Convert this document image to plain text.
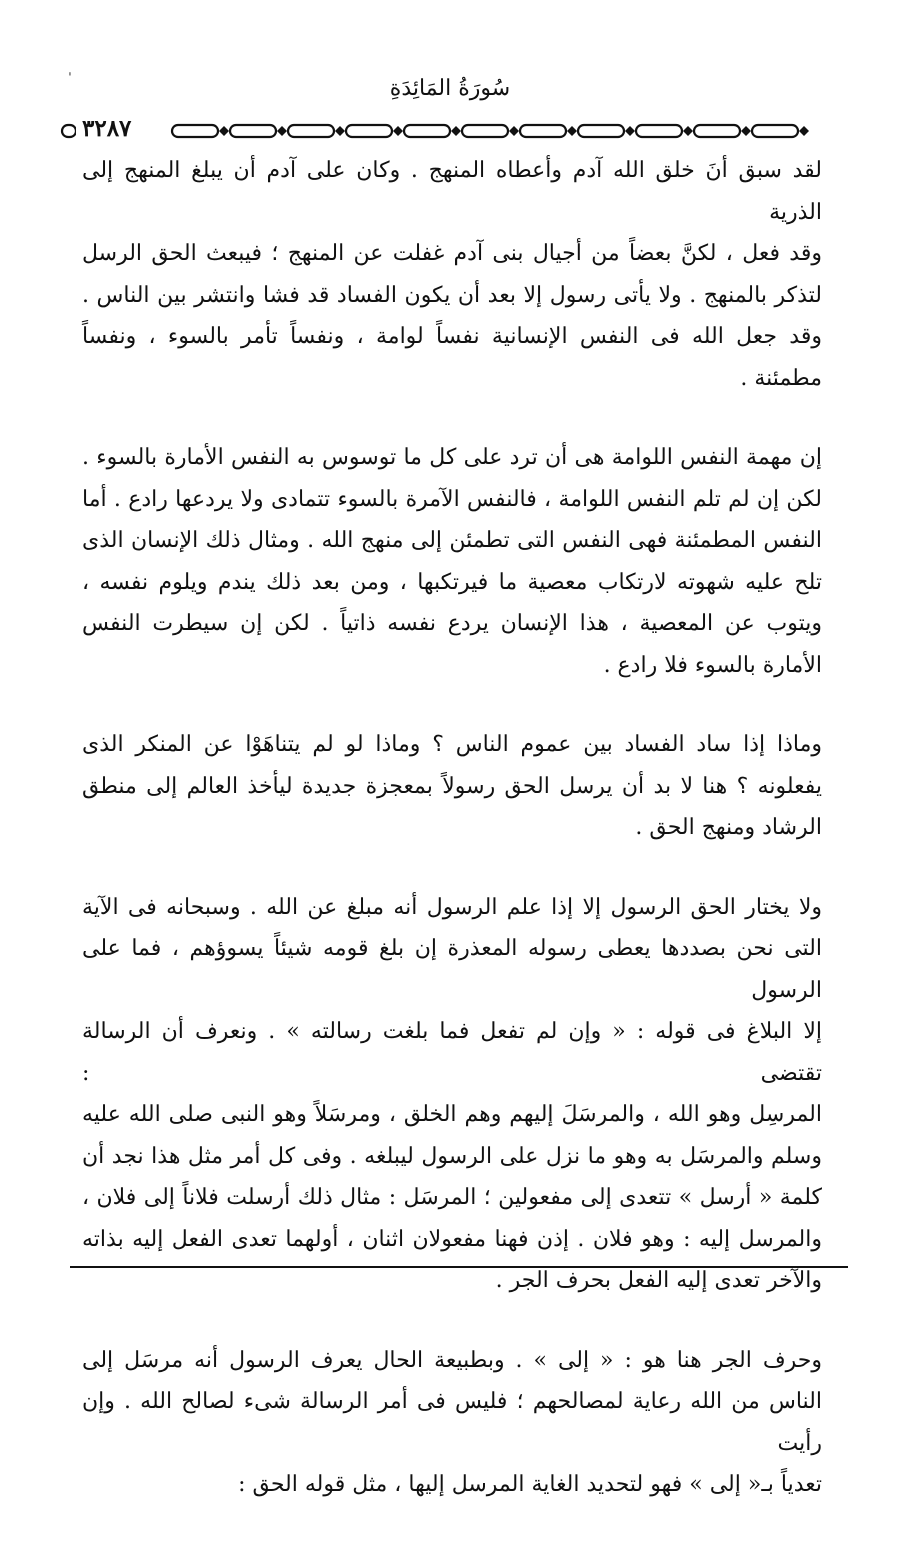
سُورَةُ المَائِدَةِ
٣٢٨٧

لقد سبق أنَ خلق الله آدم وأعطاه المنهج . وكان على آدم أن يبلغ المنهج إلى الذرية

وقد فعل ، لكنَّ بعضاً من أجيال بنى آدم غفلت عن المنهج ؛ فيبعث الحق الرسل

لتذكر بالمنهج . ولا يأتى رسول إلا بعد أن يكون الفساد قد فشا وانتشر بين الناس .

وقد جعل الله فى النفس الإنسانية نفساً لوامة ، ونفساً تأمر بالسوء ، ونفساً مطمئنة .

إن مهمة النفس اللوامة هى أن ترد على كل ما توسوس به النفس الأمارة بالسوء .

لكن إن لم تلم النفس اللوامة ، فالنفس الآمرة بالسوء تتمادى ولا يردعها رادع . أما

النفس المطمئنة فهى النفس التى تطمئن إلى منهج الله . ومثال ذلك الإنسان الذى

تلح عليه شهوته لارتكاب معصية ما فيرتكبها ، ومن بعد ذلك يندم ويلوم نفسه ،

ويتوب عن المعصية ، هذا الإنسان يردع نفسه ذاتياً . لكن إن سيطرت النفس

الأمارة بالسوء فلا رادع .

وماذا إذا ساد الفساد بين عموم الناس ؟ وماذا لو لم يتناهَوْا عن المنكر الذى

يفعلونه ؟ هنا لا بد أن يرسل الحق رسولاً بمعجزة جديدة ليأخذ العالم إلى منطق

الرشاد ومنهج الحق .

ولا يختار الحق الرسول إلا إذا علم الرسول أنه مبلغ عن الله . وسبحانه فى الآية

التى نحن بصددها يعطى رسوله المعذرة إن بلغ قومه شيئاً يسوؤهم ، فما على الرسول

إلا البلاغ فى قوله : « وإن لم تفعل فما بلغت رسالته » . ونعرف أن الرسالة تقتضى :

المرسِل وهو الله ، والمرسَلَ إليهم وهم الخلق ، ومرسَلاً وهو النبى صلى الله عليه

وسلم والمرسَل به وهو ما نزل على الرسول ليبلغه . وفى كل أمر مثل هذا نجد أن

كلمة « أرسل » تتعدى إلى مفعولين ؛ المرسَل : مثال ذلك أرسلت فلاناً إلى فلان ،

والمرسل إليه : وهو فلان . إذن فهنا مفعولان اثنان ، أولهما تعدى الفعل إليه بذاته

والآخر تعدى إليه الفعل بحرف الجر .

وحرف الجر هنا هو : « إلى » . وبطبيعة الحال يعرف الرسول أنه مرسَل إلى

الناس من الله رعاية لمصالحهم ؛ فليس فى أمر الرسالة شىء لصالح الله . وإن رأيت

تعدياً بـ« إلى » فهو لتحديد الغاية المرسل إليها ، مثل قوله الحق :

ˌ
